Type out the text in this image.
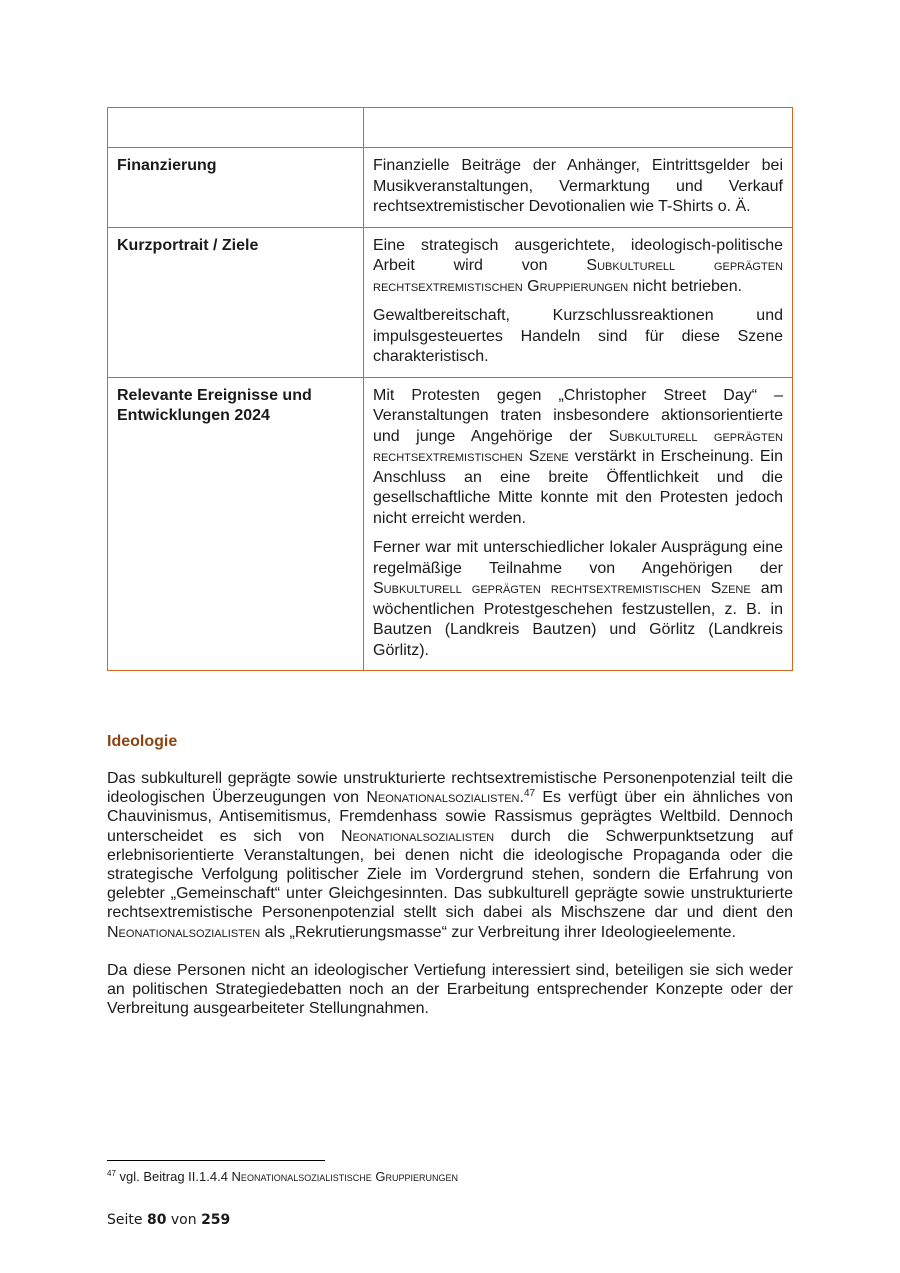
Finanzierung	Finanzielle Beiträge der Anhänger, Eintrittsgelder bei Musikveranstaltungen, Vermarktung und Verkauf rechtsextremistischer Devotionalien wie T-Shirts o. Ä.

Kurzportrait / Ziele	Eine strategisch ausgerichtete, ideologisch-politische Arbeit wird von Subkulturell geprägten rechtsextremistischen Gruppierungen nicht betrieben.

Gewaltbereitschaft, Kurzschlussreaktionen und impulsgesteuertes Handeln sind für diese Szene charakteristisch.

Relevante Ereignisse und Entwicklungen 2024	Mit Protesten gegen „Christopher Street Day“ – Veranstaltungen traten insbesondere aktionsorientierte und junge Angehörige der Subkulturell geprägten rechtsextremistischen Szene verstärkt in Erscheinung. Ein Anschluss an eine breite Öffentlichkeit und die gesellschaftliche Mitte konnte mit den Protesten jedoch nicht erreicht werden.

Ferner war mit unterschiedlicher lokaler Ausprägung eine regelmäßige Teilnahme von Angehörigen der Subkulturell geprägten rechtsextremistischen Szene am wöchentlichen Protestgeschehen festzustellen, z. B. in Bautzen (Landkreis Bautzen) und Görlitz (Landkreis Görlitz).

Ideologie

Das subkulturell geprägte sowie unstrukturierte rechtsextremistische Personenpotenzial teilt die ideologischen Überzeugungen von Neonationalsozialisten.$^{47}$ Es verfügt über ein ähnliches von Chauvinismus, Antisemitismus, Fremdenhass sowie Rassismus geprägtes Weltbild. Dennoch unterscheidet es sich von Neonationalsozialisten durch die Schwerpunktsetzung auf erlebnisorientierte Veranstaltungen, bei denen nicht die ideologische Propaganda oder die strategische Verfolgung politischer Ziele im Vordergrund stehen, sondern die Erfahrung von gelebter „Gemeinschaft“ unter Gleichgesinnten. Das subkulturell geprägte sowie unstrukturierte rechtsextremistische Personenpotenzial stellt sich dabei als Mischszene dar und dient den Neonationalsozialisten als „Rekrutierungsmasse“ zur Verbreitung ihrer Ideologieelemente.

Da diese Personen nicht an ideologischer Vertiefung interessiert sind, beteiligen sie sich weder an politischen Strategiedebatten noch an der Erarbeitung entsprechender Konzepte oder der Verbreitung ausgearbeiteter Stellungnahmen.

$^{47}$ vgl. Beitrag II.1.4.4 Neonationalsozialistische Gruppierungen
Seite 80 von 259
